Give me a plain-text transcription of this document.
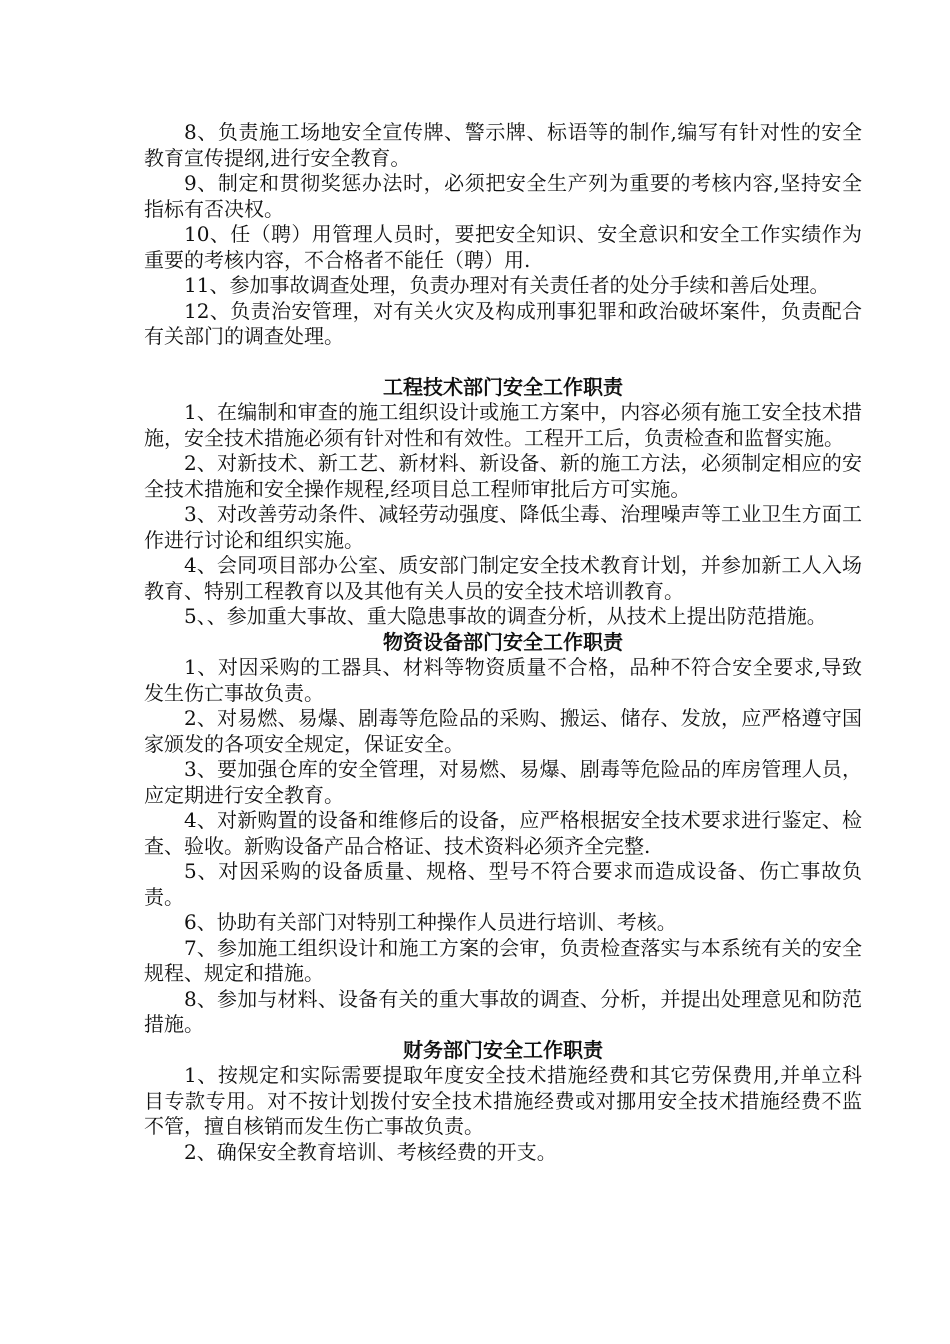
8、负责施工场地安全宣传牌、警示牌、标语等的制作,编写有针对性的安全教育宣传提纲,进行安全教育。

9、制定和贯彻奖惩办法时，必须把安全生产列为重要的考核内容,坚持安全指标有否决权。

10、任（聘）用管理人员时，要把安全知识、安全意识和安全工作实绩作为重要的考核内容，不合格者不能任（聘）用.

11、参加事故调查处理，负责办理对有关责任者的处分手续和善后处理。

12、负责治安管理，对有关火灾及构成刑事犯罪和政治破坏案件，负责配合有关部门的调查处理。

工程技术部门安全工作职责

1、在编制和审查的施工组织设计或施工方案中，内容必须有施工安全技术措施，安全技术措施必须有针对性和有效性。工程开工后，负责检查和监督实施。

2、对新技术、新工艺、新材料、新设备、新的施工方法，必须制定相应的安全技术措施和安全操作规程,经项目总工程师审批后方可实施。

3、对改善劳动条件、减轻劳动强度、降低尘毒、治理噪声等工业卫生方面工作进行讨论和组织实施。

4、会同项目部办公室、质安部门制定安全技术教育计划，并参加新工人入场教育、特别工程教育以及其他有关人员的安全技术培训教育。

5、、参加重大事故、重大隐患事故的调查分析，从技术上提出防范措施。

物资设备部门安全工作职责

1、对因采购的工器具、材料等物资质量不合格，品种不符合安全要求,导致发生伤亡事故负责。

2、对易燃、易爆、剧毒等危险品的采购、搬运、储存、发放，应严格遵守国家颁发的各项安全规定，保证安全。

3、要加强仓库的安全管理，对易燃、易爆、剧毒等危险品的库房管理人员，应定期进行安全教育。

4、对新购置的设备和维修后的设备，应严格根据安全技术要求进行鉴定、检查、验收。新购设备产品合格证、技术资料必须齐全完整.

5、对因采购的设备质量、规格、型号不符合要求而造成设备、伤亡事故负责。

6、协助有关部门对特别工种操作人员进行培训、考核。

7、参加施工组织设计和施工方案的会审，负责检查落实与本系统有关的安全规程、规定和措施。

8、参加与材料、设备有关的重大事故的调查、分析，并提出处理意见和防范措施。

财务部门安全工作职责

1、按规定和实际需要提取年度安全技术措施经费和其它劳保费用,并单立科目专款专用。对不按计划拨付安全技术措施经费或对挪用安全技术措施经费不监不管，擅自核销而发生伤亡事故负责。

2、确保安全教育培训、考核经费的开支。
